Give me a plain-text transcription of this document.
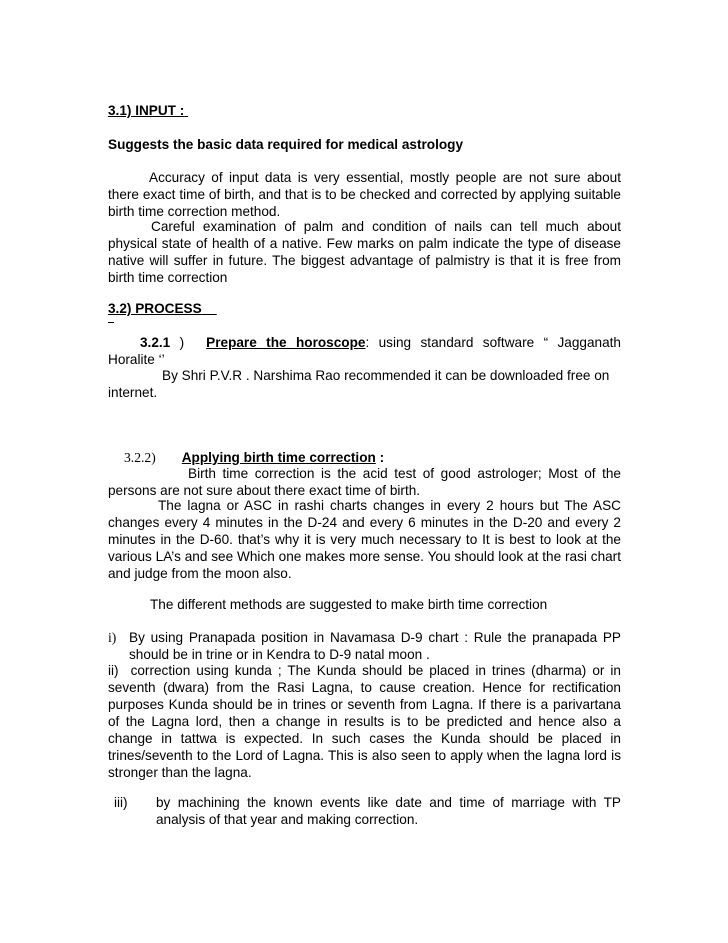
3.1) INPUT :

Suggests the basic data required for medical astrology

Accuracy of input data is very essential, mostly people are not sure about there exact time of birth, and that is to be checked and corrected by applying suitable birth time correction method.

Careful examination of palm and condition of nails can tell much about physical state of health of a native. Few marks on palm indicate the type of disease native will suffer in future. The biggest advantage of palmistry is that it is free from birth time correction

3.2) PROCESS

3.2.1 ) Prepare the horoscope: using standard software “ Jagganath Horalite ‘’

By Shri P.V.R . Narshima Rao recommended it can be downloaded free on internet.

3.2.2) Applying birth time correction :

Birth time correction is the acid test of good astrologer; Most of the persons are not sure about there exact time of birth.

The lagna or ASC in rashi charts changes in every 2 hours but The ASC changes every 4 minutes in the D-24 and every 6 minutes in the D-20 and every 2 minutes in the D-60. that’s why it is very much necessary to It is best to look at the various LA’s and see Which one makes more sense. You should look at the rasi chart and judge from the moon also.

The different methods are suggested to make birth time correction

i) By using Pranapada position in Navamasa D-9 chart : Rule the pranapada PP should be in trine or in Kendra to D-9 natal moon .

ii) correction using kunda ; The Kunda should be placed in trines (dharma) or in seventh (dwara) from the Rasi Lagna, to cause creation. Hence for rectification purposes Kunda should be in trines or seventh from Lagna. If there is a parivartana of the Lagna lord, then a change in results is to be predicted and hence also a change in tattwa is expected. In such cases the Kunda should be placed in trines/seventh to the Lord of Lagna. This is also seen to apply when the lagna lord is stronger than the lagna.

iii) by machining the known events like date and time of marriage with TP analysis of that year and making correction.
